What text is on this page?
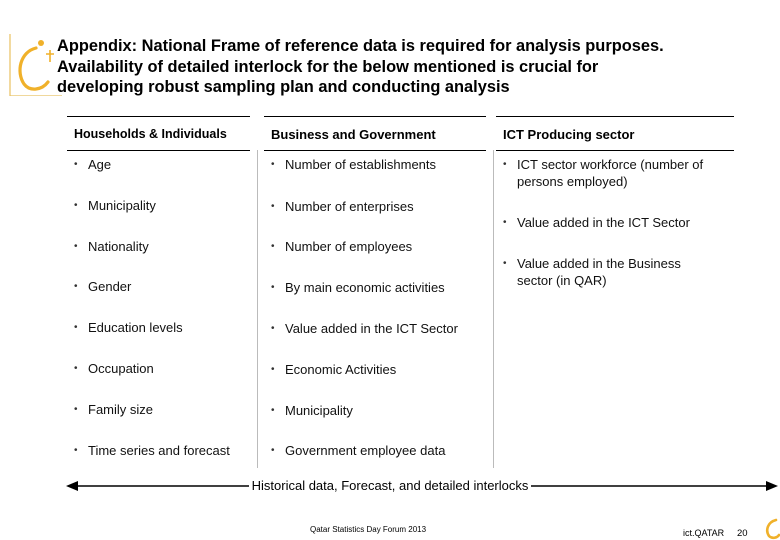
Appendix: National Frame of reference data is required for analysis purposes.
Availability of detailed interlock for the below mentioned is crucial for
developing robust sampling plan and conducting analysis
Households & Individuals
• Age
• Municipality
• Nationality
• Gender
• Education levels
• Occupation
• Family size
• Time series and forecast
Business and Government
• Number of establishments
• Number of enterprises
• Number of employees
• By main economic activities
• Value added in the ICT Sector
• Economic Activities
• Municipality
• Government employee data
ICT Producing sector
• ICT sector workforce (number of
persons employed)
• Value added in the ICT Sector
• Value added in the Business
sector (in QAR)
Historical data, Forecast, and detailed interlocks
Qatar Statistics Day Forum 2013	ict.QATAR 20
